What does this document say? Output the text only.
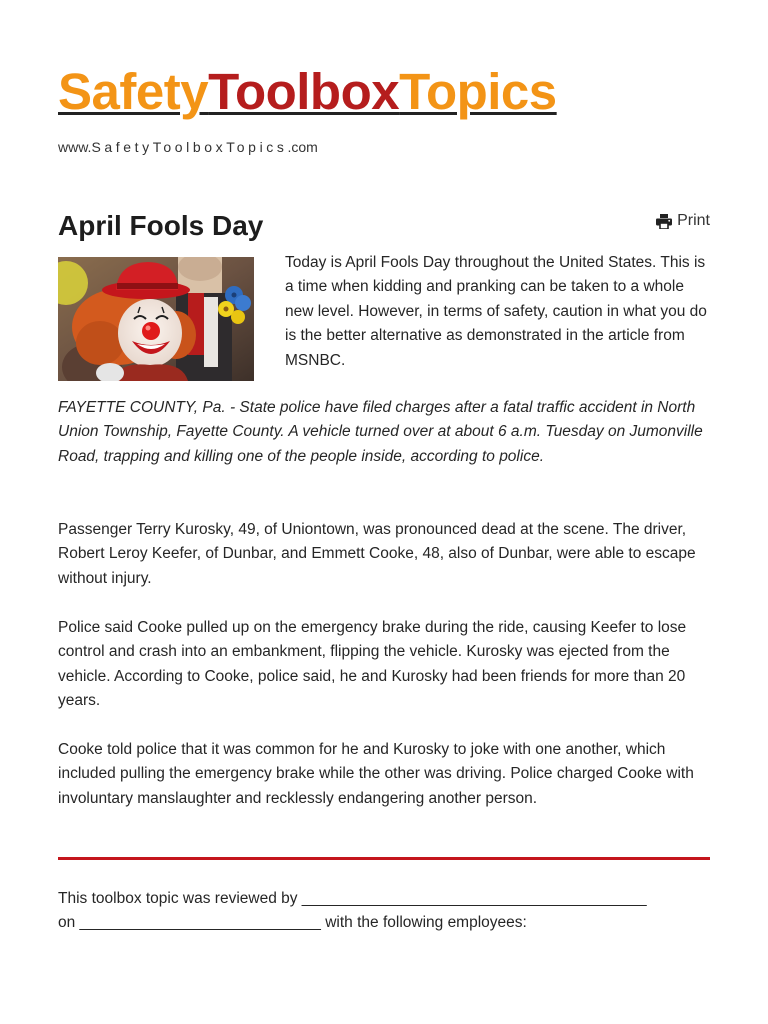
SafetyToolboxTopics
www.SafetyToolboxTopics.com
April Fools Day	Print

Today is April Fools Day throughout the United States. This is a time when kidding and pranking can be taken to a whole new level. However, in terms of safety, caution in what you do is the better alternative as demonstrated in the article from MSNBC.

FAYETTE COUNTY, Pa. - State police have filed charges after a fatal traffic accident in North Union Township, Fayette County. A vehicle turned over at about 6 a.m. Tuesday on Jumonville Road, trapping and killing one of the people inside, according to police.

Passenger Terry Kurosky, 49, of Uniontown, was pronounced dead at the scene. The driver, Robert Leroy Keefer, of Dunbar, and Emmett Cooke, 48, also of Dunbar, were able to escape without injury.

Police said Cooke pulled up on the emergency brake during the ride, causing Keefer to lose control and crash into an embankment, flipping the vehicle. Kurosky was ejected from the vehicle. According to Cooke, police said, he and Kurosky had been friends for more than 20 years.

Cooke told police that it was common for he and Kurosky to joke with one another, which included pulling the emergency brake while the other was driving. Police charged Cooke with involuntary manslaughter and recklessly endangering another person.

This toolbox topic was reviewed by ________________________________________
on ____________________________ with the following employees:
